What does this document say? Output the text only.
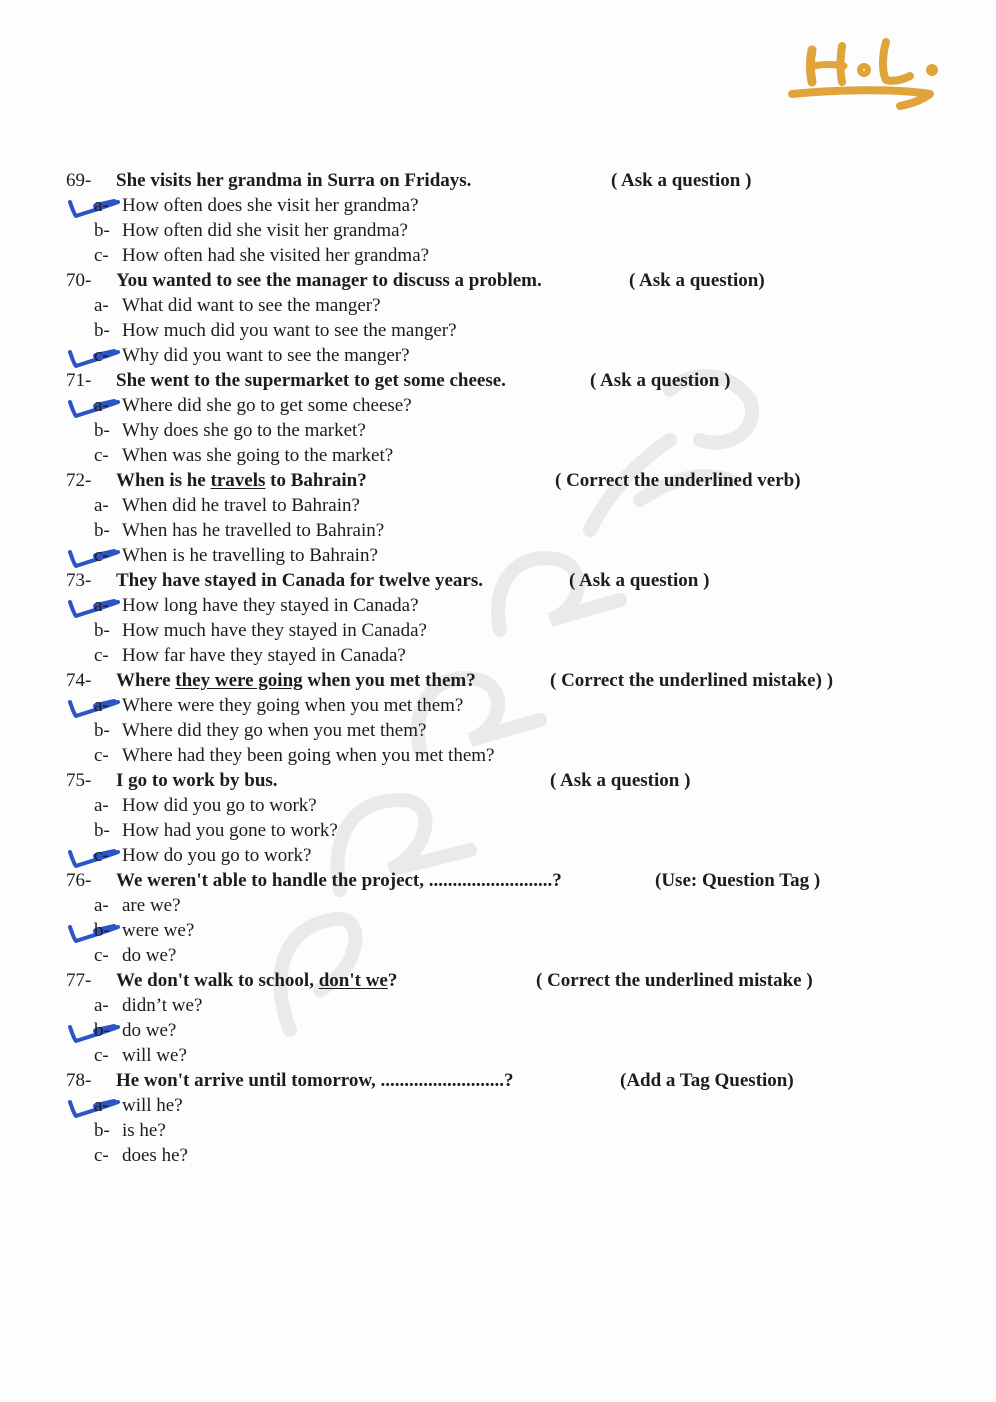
69- She visits her grandma in Surra on Fridays.	( Ask a question )
a- How often does she visit her grandma?
b- How often did she visit her grandma?
c- How often had she visited her grandma?
70- You wanted to see the manager to discuss a problem.	( Ask a question)
a- What did want to see the manger?
b- How much did you want to see the manger?
c- Why did you want to see the manger?
71- She went to the supermarket to get some cheese.	( Ask a question )
a- Where did she go to get some cheese?
b- Why does she go to the market?
c- When was she going to the market?
72- When is he travels to Bahrain?	( Correct the underlined verb)
a- When did he travel to Bahrain?
b- When has he travelled to Bahrain?
c- When is he travelling to Bahrain?
73- They have stayed in Canada for twelve years.	( Ask a question )
a- How long have they stayed in Canada?
b- How much have they stayed in Canada?
c- How far have they stayed in Canada?
74- Where they were going when you met them?	( Correct the underlined mistake) )
a- Where were they going when you met them?
b- Where did they go when you met them?
c- Where had they been going when you met them?
75- I go to work by bus.	( Ask a question )
a- How did you go to work?
b- How had you gone to work?
c- How do you go to work?
76- We weren't able to handle the project, ..........................?	(Use: Question Tag )
a- are we?
b- were we?
c- do we?
77- We don't walk to school, don't we?	( Correct the underlined mistake )
a- didn’t we?
b- do we?
c- will we?
78- He won't arrive until tomorrow, ..........................?	(Add a Tag Question)
a- will he?
b- is he?
c- does he?
